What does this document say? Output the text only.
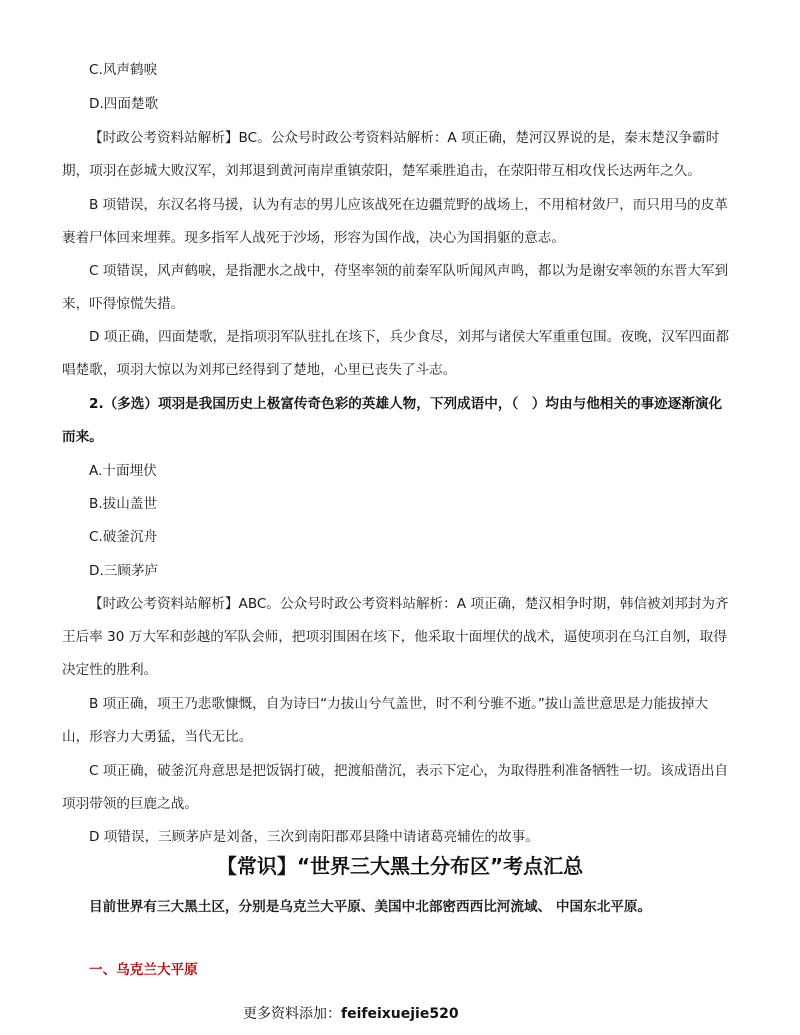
C.风声鹤唳
D.四面楚歌
【时政公考资料站解析】BC。公众号时政公考资料站解析：A 项正确，楚河汉界说的是，秦末楚汉争霸时
期，项羽在彭城大败汉军，刘邦退到黄河南岸重镇荥阳，楚军乘胜追击，在荥阳带互相攻伐长达两年之久。
B 项错误，东汉名将马援，认为有志的男儿应该战死在边疆荒野的战场上，不用棺材敛尸，而只用马的皮革
裹着尸体回来埋葬。现多指军人战死于沙场，形容为国作战，决心为国捐躯的意志。
C 项错误，风声鹤唳，是指淝水之战中，苻坚率领的前秦军队听闻风声鸣，都以为是谢安率领的东晋大军到
来，吓得惊慌失措。
D 项正确，四面楚歌，是指项羽军队驻扎在垓下，兵少食尽，刘邦与诸侯大军重重包围。夜晚，汉军四面都
唱楚歌，项羽大惊以为刘邦已经得到了楚地，心里已丧失了斗志。
2.（多选）项羽是我国历史上极富传奇色彩的英雄人物，下列成语中，（　）均由与他相关的事迹逐渐演化
而来。
A.十面埋伏
B.拔山盖世
C.破釜沉舟
D.三顾茅庐
【时政公考资料站解析】ABC。公众号时政公考资料站解析：A 项正确，楚汉相争时期，韩信被刘邦封为齐
王后率 30 万大军和彭越的军队会师，把项羽围困在垓下，他采取十面埋伏的战术，逼使项羽在乌江自刎，取得
决定性的胜利。
B 项正确，项王乃悲歌慷慨，自为诗曰“力拔山兮气盖世，时不利兮骓不逝。”拔山盖世意思是力能拔掉大
山，形容力大勇猛，当代无比。
C 项正确，破釜沉舟意思是把饭锅打破，把渡船凿沉，表示下定心，为取得胜利准备牺牲一切。该成语出自
项羽带领的巨鹿之战。
D 项错误，三顾茅庐是刘备，三次到南阳郡邓县隆中请诸葛亮辅佐的故事。
【常识】“世界三大黑土分布区”考点汇总
目前世界有三大黑土区，分别是乌克兰大平原、美国中北部密西西比河流域、 中国东北平原。
一、乌克兰大平原
更多资料添加：feifeixuejie520
